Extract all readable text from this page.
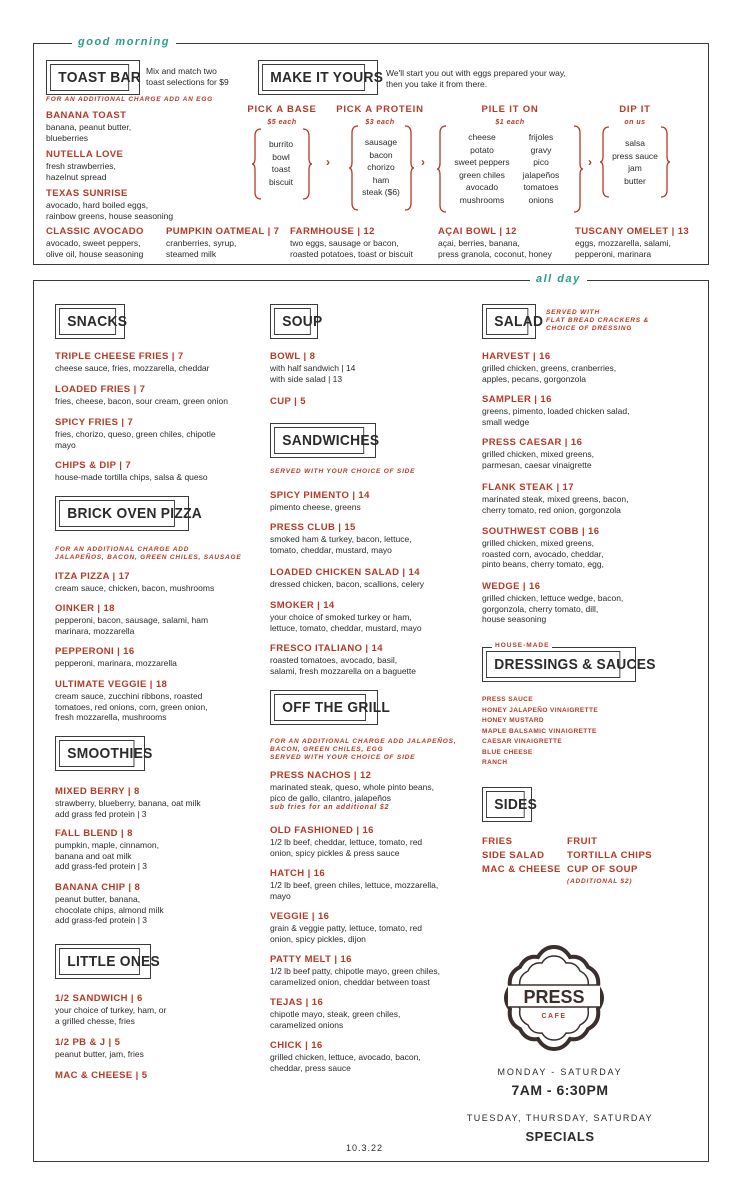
good morning
TOAST BAR Mix and match two
toast selections for $9
FOR AN ADDITIONAL CHARGE ADD AN EGG
BANANA TOAST
banana, peanut butter,
blueberries
NUTELLA LOVE
fresh strawberries,
hazelnut spread
TEXAS SUNRISE
avocado, hard boiled eggs,
rainbow greens, house seasoning
MAKE IT YOURS We'll start you out with eggs prepared your way,
then you take it from there.
PICK A BASE
$5 each
PICK A PROTEIN
$3 each
PILE IT ON
$1 each
DIP IT
on us
burrito
bowl
toast
biscuit
›
sausage
bacon
chorizo
ham
steak ($6)
›
cheese
potato
sweet peppers
green chiles
avocado
mushrooms
frijoles
gravy
pico
jalapeños
tomatoes
onions
›
salsa
press sauce
jam
butter
CLASSIC AVOCADO
avocado, sweet peppers,
olive oil, house seasoning
PUMPKIN OATMEAL | 7
cranberries, syrup,
steamed milk
FARMHOUSE | 12
two eggs, sausage or bacon,
roasted potatoes, toast or biscuit
AÇAI BOWL | 12
açai, berries, banana,
press granola, coconut, honey
TUSCANY OMELET | 13
eggs, mozzarella, salami,
pepperoni, marinara
all day
SNACKS
TRIPLE CHEESE FRIES | 7
cheese sauce, fries, mozzarella, cheddar
LOADED FRIES | 7
fries, cheese, bacon, sour cream, green onion
SPICY FRIES | 7
fries, chorizo, queso, green chiles, chipotle
mayo
CHIPS & DIP | 7
house-made tortilla chips, salsa & queso
BRICK OVEN PIZZA
FOR AN ADDITIONAL CHARGE ADD
JALAPEÑOS, BACON, GREEN CHILES, SAUSAGE
ITZA PIZZA | 17
cream sauce, chicken, bacon, mushrooms
OINKER | 18
pepperoni, bacon, sausage, salami, ham
marinara, mozzarella
PEPPERONI | 16
pepperoni, marinara, mozzarella
ULTIMATE VEGGIE | 18
cream sauce, zucchini ribbons, roasted
tomatoes, red onions, corn, green onion,
fresh mozzarella, mushrooms
SMOOTHIES
MIXED BERRY | 8
strawberry, blueberry, banana, oat milk
add grass fed protein | 3
FALL BLEND | 8
pumpkin, maple, cinnamon,
banana and oat milk
add grass-fed protein | 3
BANANA CHIP | 8
peanut butter, banana,
chocolate chips, almond milk
add grass-fed protein | 3
LITTLE ONES
1/2 SANDWICH | 6
your choice of turkey, ham, or
a grilled chesse, fries
1/2 PB & J | 5
peanut butter, jam, fries
MAC & CHEESE | 5
SOUP
BOWL | 8
with half sandwich | 14
with side salad | 13
CUP | 5
SANDWICHES
SERVED WITH YOUR CHOICE OF SIDE
SPICY PIMENTO | 14
pimento cheese, greens
PRESS CLUB | 15
smoked ham & turkey, bacon, lettuce,
tomato, cheddar, mustard, mayo
LOADED CHICKEN SALAD | 14
dressed chicken, bacon, scallions, celery
SMOKER | 14
your choice of smoked turkey or ham,
lettuce, tomato, cheddar, mustard, mayo
FRESCO ITALIANO | 14
roasted tomatoes, avocado, basil,
salami, fresh mozzarella on a baguette
OFF THE GRILL
FOR AN ADDITIONAL CHARGE ADD JALAPEÑOS,
BACON, GREEN CHILES, EGG
SERVED WITH YOUR CHOICE OF SIDE
PRESS NACHOS | 12
marinated steak, queso, whole pinto beans,
pico de gallo, cilantro, jalapeños
sub fries for an additional $2
OLD FASHIONED | 16
1/2 lb beef, cheddar, lettuce, tomato, red
onion, spicy pickles & press sauce
HATCH | 16
1/2 lb beef, green chiles, lettuce, mozzarella,
mayo
VEGGIE | 16
grain & veggie patty, lettuce, tomato, red
onion, spicy pickles, dijon
PATTY MELT | 16
1/2 lb beef patty, chipotle mayo, green chiles,
caramelized onion, cheddar between toast
TEJAS | 16
chipotle mayo, steak, green chiles,
caramelized onions
CHICK | 16
grilled chicken, lettuce, avocado, bacon,
cheddar, press sauce
10.3.22
SALAD
SERVED WITH
FLAT BREAD CRACKERS &
CHOICE OF DRESSING
HARVEST | 16
grilled chicken, greens, cranberries,
apples, pecans, gorgonzola
SAMPLER | 16
greens, pimento, loaded chicken salad,
small wedge
PRESS CAESAR | 16
grilled chicken, mixed greens,
parmesan, caesar vinaigrette
FLANK STEAK | 17
marinated steak, mixed greens, bacon,
cherry tomato, red onion, gorgonzola
SOUTHWEST COBB | 16
grilled chicken, mixed greens,
roasted corn, avocado, cheddar,
pinto beans, cherry tomato, egg,
WEDGE | 16
grilled chicken, lettuce wedge, bacon,
gorgonzola, cherry tomato, dill,
house seasoning
DRESSINGS & SAUCES
HOUSE-MADE
PRESS SAUCE
HONEY JALAPEÑO VINAIGRETTE
HONEY MUSTARD
MAPLE BALSAMIC VINAIGRETTE
CAESAR VINAIGRETTE
BLUE CHEESE
RANCH
SIDES
FRIES
SIDE SALAD
MAC & CHEESE
FRUIT
TORTILLA CHIPS
CUP OF SOUP
(ADDITIONAL $2)
PRESS
CAFE
MONDAY - SATURDAY
7AM - 6:30PM
TUESDAY, THURSDAY, SATURDAY
SPECIALS
